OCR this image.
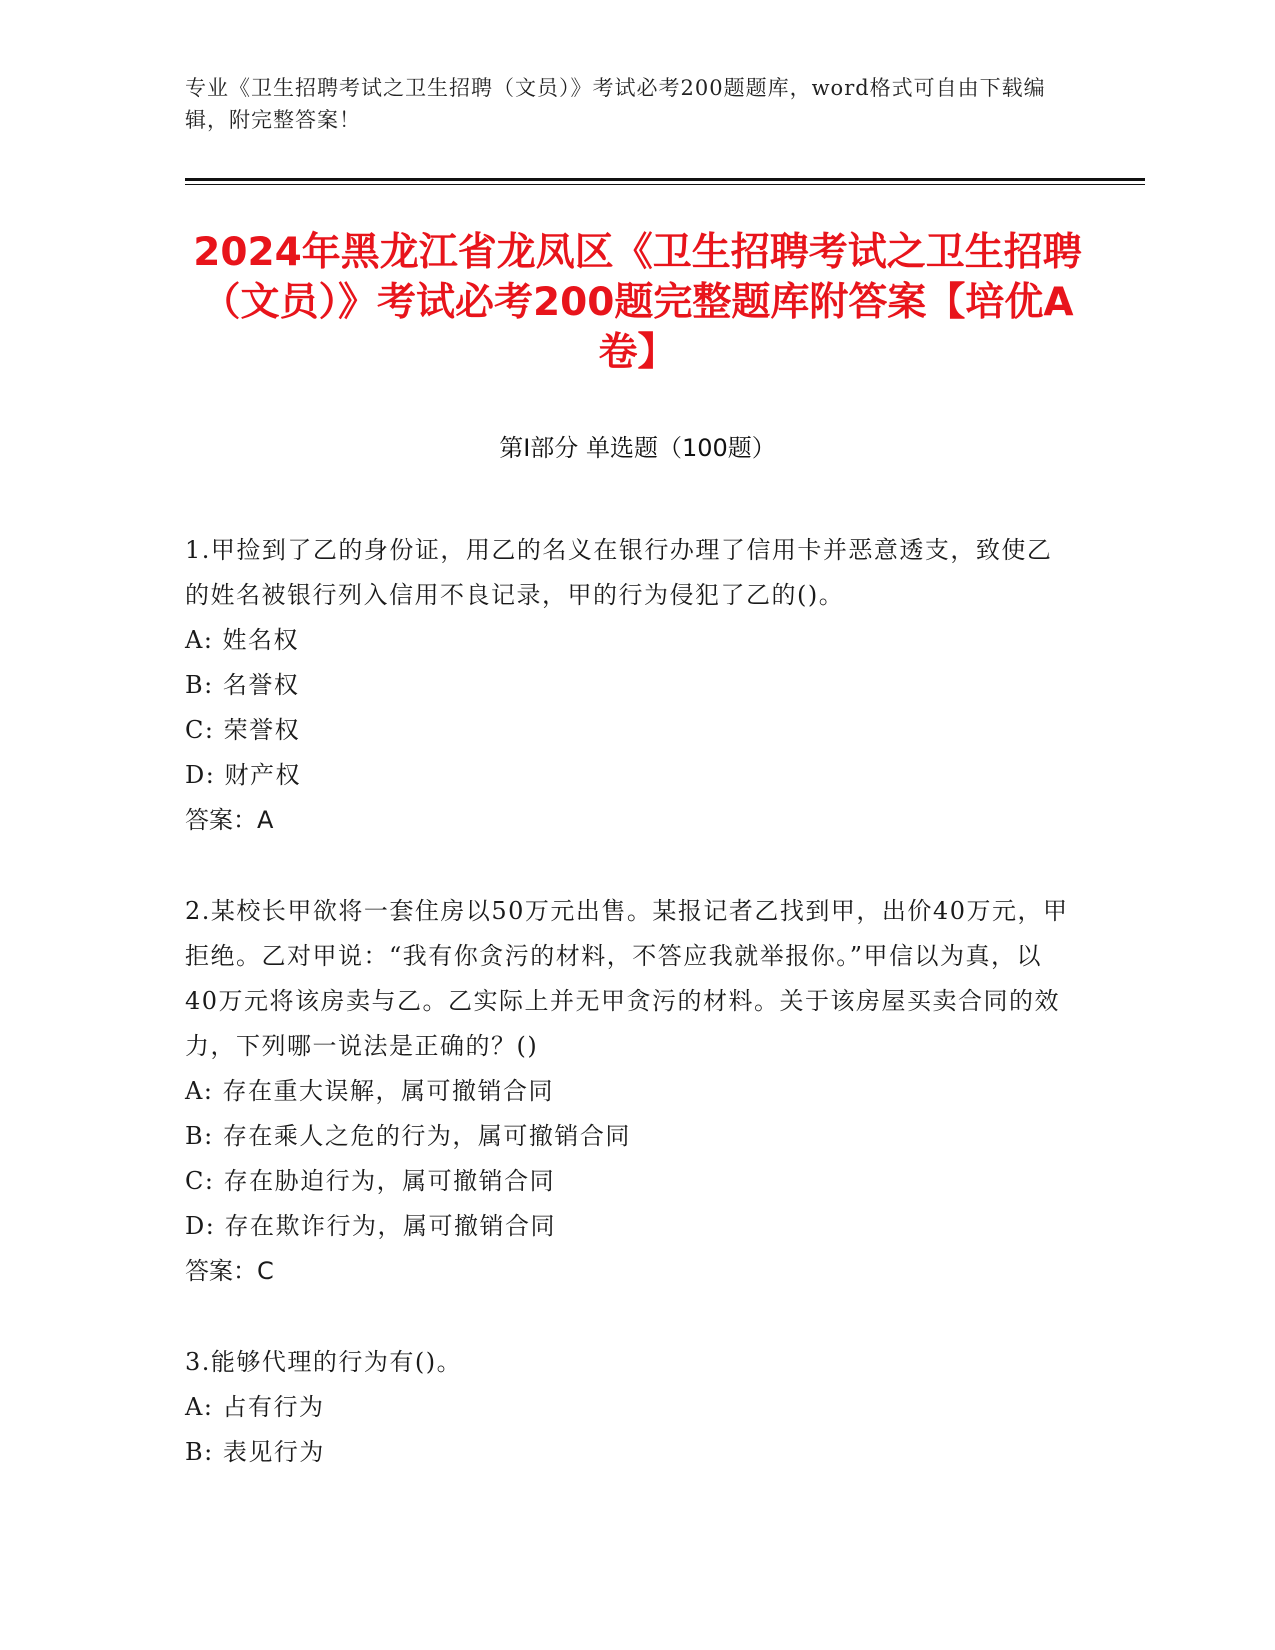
专业《卫生招聘考试之卫生招聘（文员）》考试必考200题题库，word格式可自由下载编辑，附完整答案！
2024年黑龙江省龙凤区《卫生招聘考试之卫生招聘（文员）》考试必考200题完整题库附答案【培优A卷】
第I部分 单选题（100题）

1.甲捡到了乙的身份证，用乙的名义在银行办理了信用卡并恶意透支，致使乙的姓名被银行列入信用不良记录，甲的行为侵犯了乙的()。

A: 姓名权

B: 名誉权

C: 荣誉权

D: 财产权

答案：A

2.某校长甲欲将一套住房以50万元出售。某报记者乙找到甲，出价40万元，甲拒绝。乙对甲说：“我有你贪污的材料，不答应我就举报你。”甲信以为真，以40万元将该房卖与乙。乙实际上并无甲贪污的材料。关于该房屋买卖合同的效力，下列哪一说法是正确的？()

A: 存在重大误解，属可撤销合同

B: 存在乘人之危的行为，属可撤销合同

C: 存在胁迫行为，属可撤销合同

D: 存在欺诈行为，属可撤销合同

答案：C

3.能够代理的行为有()。

A: 占有行为

B: 表见行为
